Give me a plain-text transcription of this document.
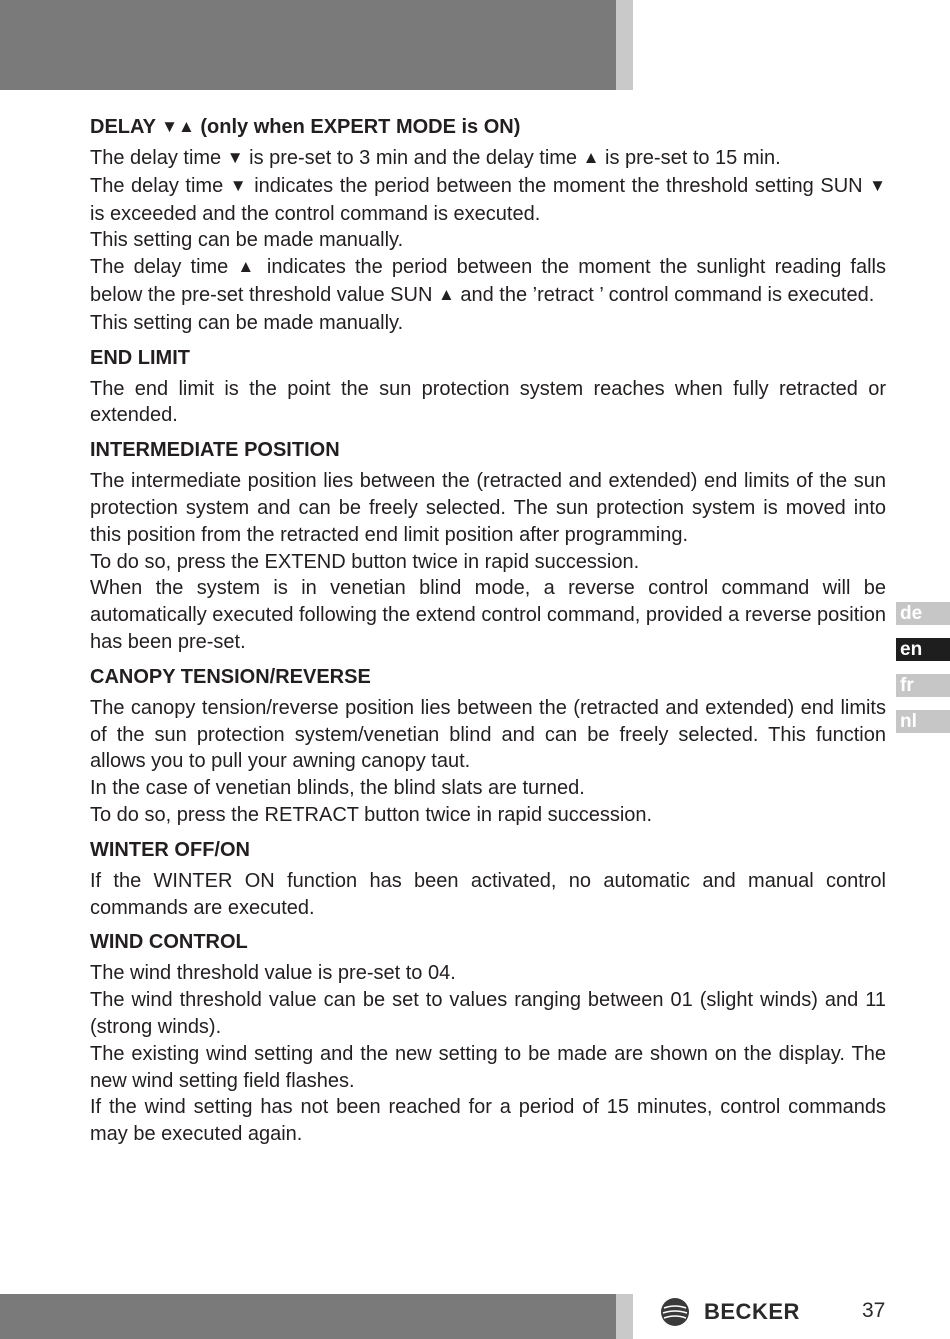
DELAY ▼▲ (only when EXPERT MODE is ON)

The delay time ▼ is pre-set to 3 min and the delay time ▲ is pre-set to 15 min.

The delay time ▼ indicates the period between the moment the threshold setting SUN ▼ is exceeded and the control command is executed.

This setting can be made manually.

The delay time ▲ indicates the period between the moment the sunlight reading falls below the pre-set threshold value SUN ▲ and the ’retract ’ control command is executed.

This setting can be made manually.

END LIMIT

The end limit is the point the sun protection system reaches when fully retracted or extended.

INTERMEDIATE POSITION

The intermediate position lies between the (retracted and extended) end limits of the sun protection system and can be freely selected. The sun protection system is moved into this position from the retracted end limit position after programming.

To do so, press the EXTEND button twice in rapid succession.

When the system is in venetian blind mode, a reverse control command will be automatically executed following the extend control command, provided a reverse position has been pre-set.

CANOPY TENSION/REVERSE

The canopy tension/reverse position lies between the (retracted and extended) end limits of the sun protection system/venetian blind and can be freely selected. This function allows you to pull your awning canopy taut.

In the case of venetian blinds, the blind slats are turned.

To do so, press the RETRACT button twice in rapid succession.

WINTER OFF/ON

If the WINTER ON function has been activated, no automatic and manual control commands are executed.

WIND CONTROL

The wind threshold value is pre-set to 04.

The wind threshold value can be set to values ranging between 01 (slight winds) and 11 (strong winds).

The existing wind setting and the new setting to be made are shown on the display. The new wind setting field flashes.

If the wind setting has not been reached for a period of 15 minutes, control commands may be executed again.

de
en
fr
nl
BECKER	37
